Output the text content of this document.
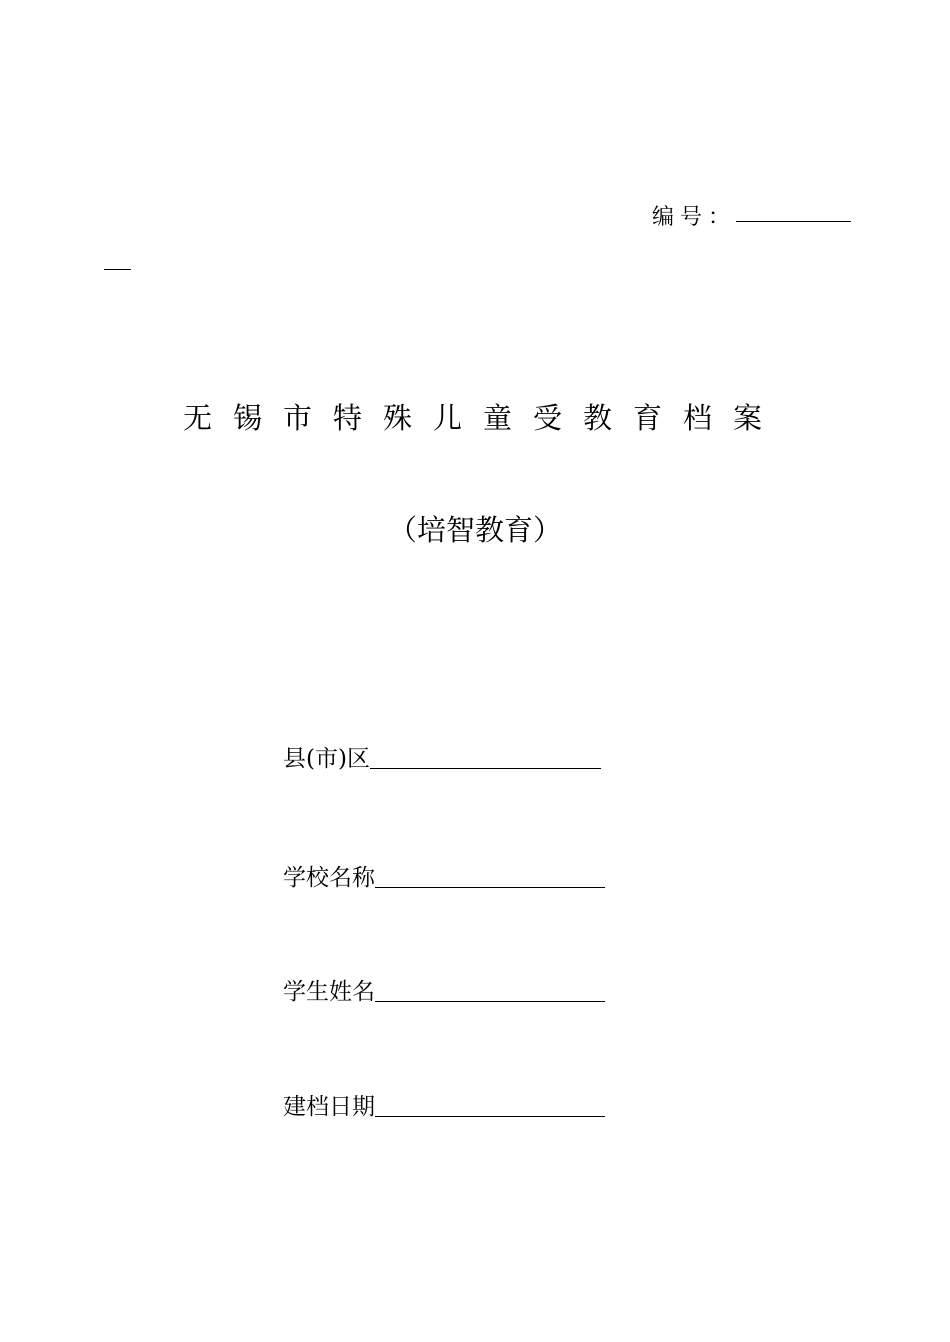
编号：
无锡市特殊儿童受教育档案
（培智教育）
县(市)区
学校名称
学生姓名
建档日期
